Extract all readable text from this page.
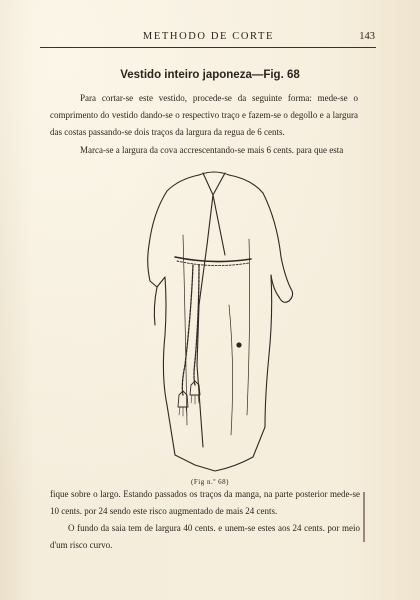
METHODO DE CORTE	143
Vestido inteiro japoneza—Fig. 68

Para cortar-se este vestido, procede-se da seguinte forma: mede-se o comprimento do vestido dando-se o respectivo traço e fazem-se o degollo e a largura das costas passando-se dois traços da largura da regua de 6 cents.

Marca-se a largura da cova accrescentando-se mais 6 cents. para que esta

(Fig n.º 68)

fique sobre o largo. Estando passados os traços da manga, na parte posterior mede-se 10 cents. por 24 sendo este risco augmentado de mais 24 cents.

O fundo da saia tem de largura 40 cents. e unem-se estes aos 24 cents. por meio d'um risco curvo.
